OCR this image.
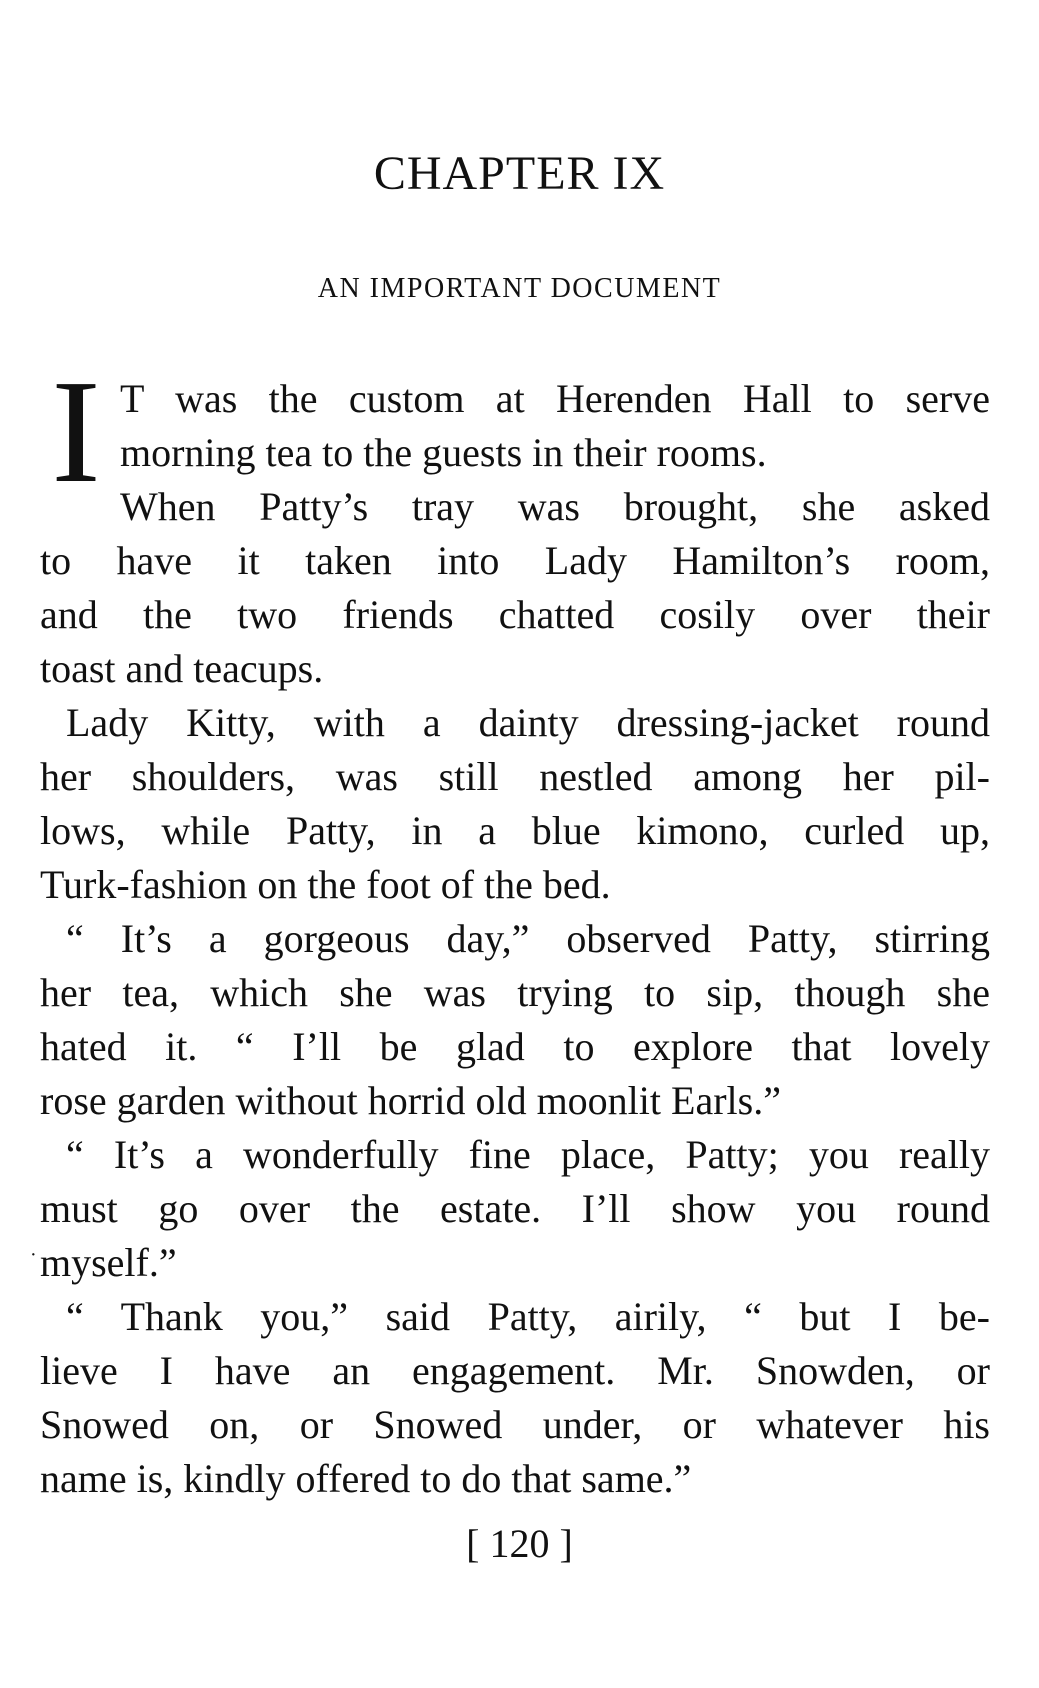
CHAPTER IX
AN IMPORTANT DOCUMENT
I T was the custom at Herenden Hall to serve
morning tea to the guests in their rooms.
When Patty’s tray was brought, she asked
to have it taken into Lady Hamilton’s room,
and the two friends chatted cosily over their
toast and teacups.
Lady Kitty, with a dainty dressing-jacket round
her shoulders, was still nestled among her pil-
lows, while Patty, in a blue kimono, curled up,
Turk-fashion on the foot of the bed.
“ It’s a gorgeous day,” observed Patty, stirring
her tea, which she was trying to sip, though she
hated it. “ I’ll be glad to explore that lovely
rose garden without horrid old moonlit Earls.”
“ It’s a wonderfully fine place, Patty; you really
must go over the estate. I’ll show you round
myself.”
“ Thank you,” said Patty, airily, “ but I be-
lieve I have an engagement. Mr. Snowden, or
Snowed on, or Snowed under, or whatever his
name is, kindly offered to do that same.”
·
[ 120 ]
